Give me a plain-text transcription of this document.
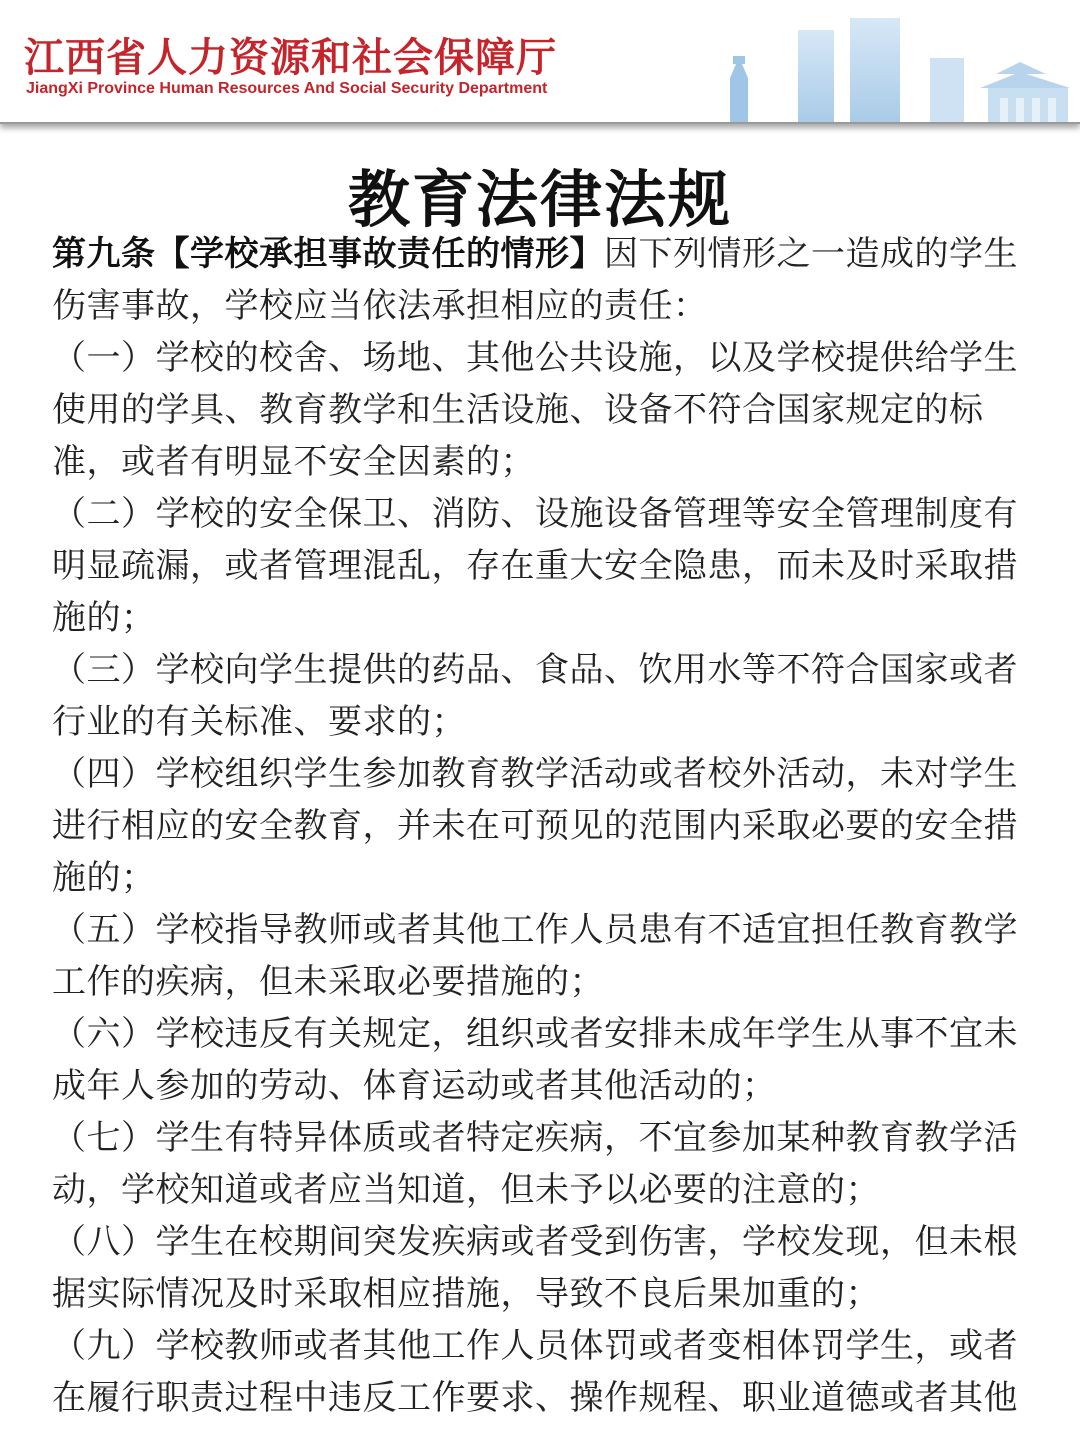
江西省人力资源和社会保障厅
JiangXi Province Human Resources And Social Security Department
教育法律法规

第九条【学校承担事故责任的情形】因下列情形之一造成的学生伤害事故，学校应当依法承担相应的责任：

（一）学校的校舍、场地、其他公共设施，以及学校提供给学生使用的学具、教育教学和生活设施、设备不符合国家规定的标准，或者有明显不安全因素的；

（二）学校的安全保卫、消防、设施设备管理等安全管理制度有明显疏漏，或者管理混乱，存在重大安全隐患，而未及时采取措施的；

（三）学校向学生提供的药品、食品、饮用水等不符合国家或者行业的有关标准、要求的；

（四）学校组织学生参加教育教学活动或者校外活动，未对学生进行相应的安全教育，并未在可预见的范围内采取必要的安全措施的；

（五）学校指导教师或者其他工作人员患有不适宜担任教育教学工作的疾病，但未采取必要措施的；

（六）学校违反有关规定，组织或者安排未成年学生从事不宜未成年人参加的劳动、体育运动或者其他活动的；

（七）学生有特异体质或者特定疾病，不宜参加某种教育教学活动，学校知道或者应当知道，但未予以必要的注意的；

（八）学生在校期间突发疾病或者受到伤害，学校发现，但未根据实际情况及时采取相应措施，导致不良后果加重的；

（九）学校教师或者其他工作人员体罚或者变相体罚学生，或者在履行职责过程中违反工作要求、操作规程、职业道德或者其他
